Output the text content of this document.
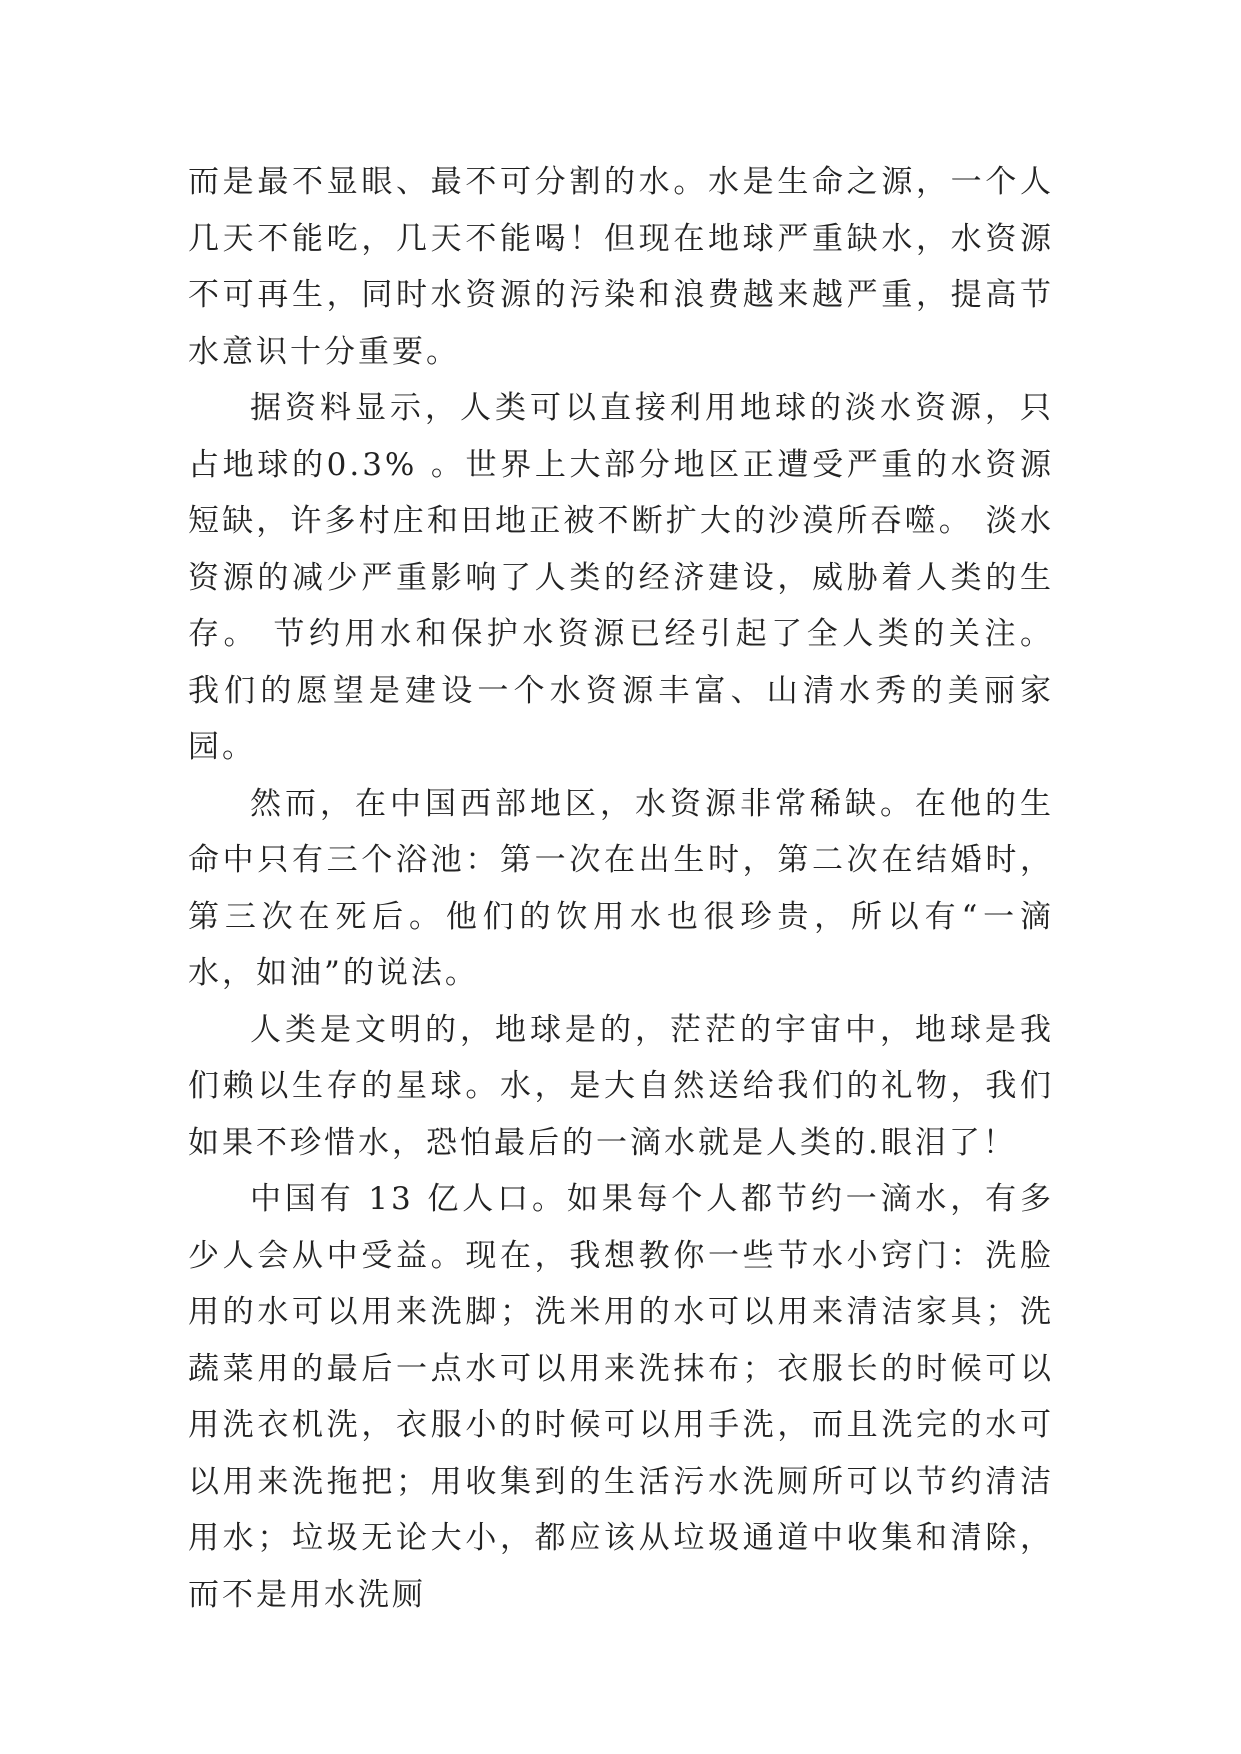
而是最不显眼、最不可分割的水。水是生命之源，一个人几天不能吃，几天不能喝！但现在地球严重缺水，水资源不可再生，同时水资源的污染和浪费越来越严重，提高节水意识十分重要。

据资料显示，人类可以直接利用地球的淡水资源，只占地球的0.3% 。世界上大部分地区正遭受严重的水资源短缺，许多村庄和田地正被不断扩大的沙漠所吞噬。 淡水资源的减少严重影响了人类的经济建设，威胁着人类的生存。 节约用水和保护水资源已经引起了全人类的关注。 我们的愿望是建设一个水资源丰富、山清水秀的美丽家园。

然而，在中国西部地区，水资源非常稀缺。在他的生命中只有三个浴池：第一次在出生时，第二次在结婚时，第三次在死后。他们的饮用水也很珍贵，所以有“一滴水，如油”的说法。

人类是文明的，地球是的，茫茫的宇宙中，地球是我们赖以生存的星球。水，是大自然送给我们的礼物，我们如果不珍惜水，恐怕最后的一滴水就是人类的.眼泪了！

中国有 13 亿人口。如果每个人都节约一滴水，有多少人会从中受益。现在，我想教你一些节水小窍门：洗脸用的水可以用来洗脚；洗米用的水可以用来清洁家具；洗蔬菜用的最后一点水可以用来洗抹布；衣服长的时候可以用洗衣机洗，衣服小的时候可以用手洗，而且洗完的水可以用来洗拖把；用收集到的生活污水洗厕所可以节约清洁用水；垃圾无论大小，都应该从垃圾通道中收集和清除，而不是用水洗厕
